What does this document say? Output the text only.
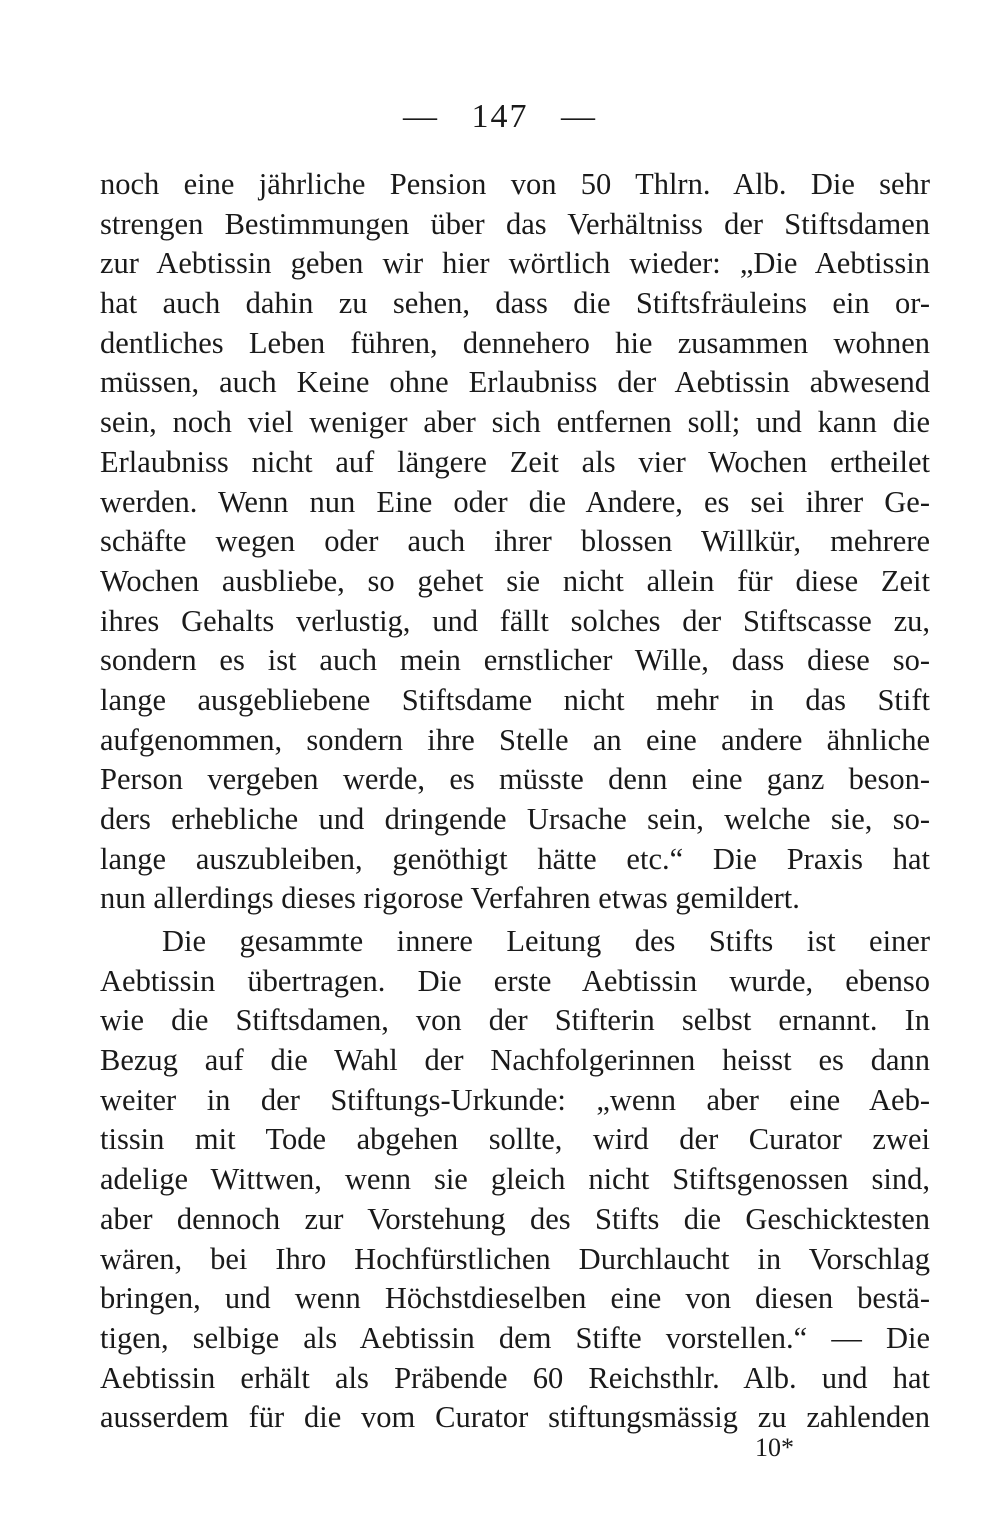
— 147 —
noch eine jährliche Pension von 50 Thlrn. Alb. Die sehr
strengen Bestimmungen über das Verhältniss der Stiftsdamen
zur Aebtissin geben wir hier wörtlich wieder: „Die Aebtissin
hat auch dahin zu sehen, dass die Stiftsfräuleins ein or-
dentliches Leben führen, dennehero hie zusammen wohnen
müssen, auch Keine ohne Erlaubniss der Aebtissin abwesend
sein, noch viel weniger aber sich entfernen soll; und kann die
Erlaubniss nicht auf längere Zeit als vier Wochen ertheilet
werden. Wenn nun Eine oder die Andere, es sei ihrer Ge-
schäfte wegen oder auch ihrer blossen Willkür, mehrere
Wochen ausbliebe, so gehet sie nicht allein für diese Zeit
ihres Gehalts verlustig, und fällt solches der Stiftscasse zu,
sondern es ist auch mein ernstlicher Wille, dass diese so-
lange ausgebliebene Stiftsdame nicht mehr in das Stift
aufgenommen, sondern ihre Stelle an eine andere ähnliche
Person vergeben werde, es müsste denn eine ganz beson-
ders erhebliche und dringende Ursache sein, welche sie, so-
lange auszubleiben, genöthigt hätte etc.“ Die Praxis hat
nun allerdings dieses rigorose Verfahren etwas gemildert.
Die gesammte innere Leitung des Stifts ist einer
Aebtissin übertragen. Die erste Aebtissin wurde, ebenso
wie die Stiftsdamen, von der Stifterin selbst ernannt. In
Bezug auf die Wahl der Nachfolgerinnen heisst es dann
weiter in der Stiftungs-Urkunde: „wenn aber eine Aeb-
tissin mit Tode abgehen sollte, wird der Curator zwei
adelige Wittwen, wenn sie gleich nicht Stiftsgenossen sind,
aber dennoch zur Vorstehung des Stifts die Geschicktesten
wären, bei Ihro Hochfürstlichen Durchlaucht in Vorschlag
bringen, und wenn Höchstdieselben eine von diesen bestä-
tigen, selbige als Aebtissin dem Stifte vorstellen.“ — Die
Aebtissin erhält als Präbende 60 Reichsthlr. Alb. und hat
ausserdem für die vom Curator stiftungsmässig zu zahlenden
10*
